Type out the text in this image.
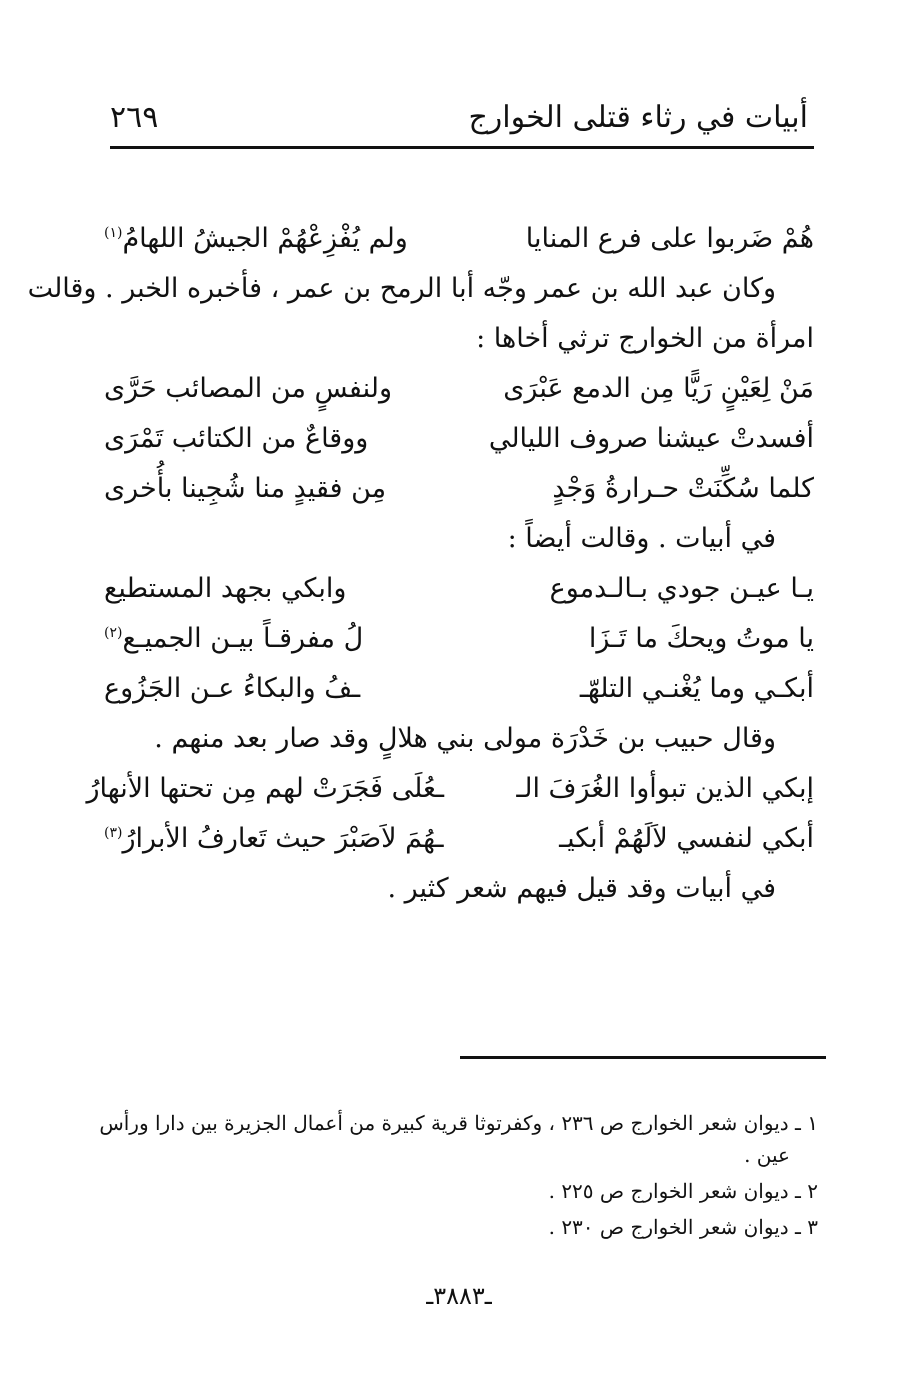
أبيات في رثاء قتلى الخوارج
٢٦٩
هُمْ ضَربوا على فرع المنايا
ولم يُفْزِعْهُمْ الجيشُ اللهامُ$^{(١)}$
وكان عبد الله بن عمر وجّه أبا الرمح بن عمر ، فأخبره الخبر . وقالت
امرأة من الخوارج ترثي أخاها :
مَنْ لِعَيْنٍ رَيًّا مِن الدمع عَبْرَى
ولنفسٍ من المصائب حَرَّى
أفسدتْ عيشنا صروف الليالي
ووقاعٌ من الكتائب تَمْرَى
كلما سُكِّنَتْ حـرارةُ وَجْدٍ
مِن فقيدٍ منا شُجِينا بأُخرى
في أبيات . وقالت أيضاً :
يـا عيـن جودي بـالـدموع
وابكي بجهد المستطيع
يا موتُ ويحكَ ما تَـزَا
لُ مفرقـاً بيـن الجميـع$^{(٢)}$
أبكـي وما يُغْنـي التلهّـ
ـفُ والبكاءُ عـن الجَزُوع
وقال حبيب بن خَدْرَة مولى بني هلالٍ وقد صار بعد منهم .
إبكي الذين تبوأوا الغُرَفَ الـ
ـعُلَى فَجَرَتْ لهم مِن تحتها الأنهارُ
أبكي لنفسي لاَلَهُمْ أبكيـ
ـهُمَ لاَصَبْرَ حيث تَعارفُ الأبرارُ$^{(٣)}$
في أبيات وقد قيل فيهم شعر كثير .
١ ـ ديوان شعر الخوارج ص ٢٣٦ ، وكفرتوثا قرية كبيرة من أعمال الجزيرة بين دارا ورأس
عين .
٢ ـ ديوان شعر الخوارج ص ٢٢٥ .
٣ ـ ديوان شعر الخوارج ص ٢٣٠ .
ـ٣٨٨٣ـ
